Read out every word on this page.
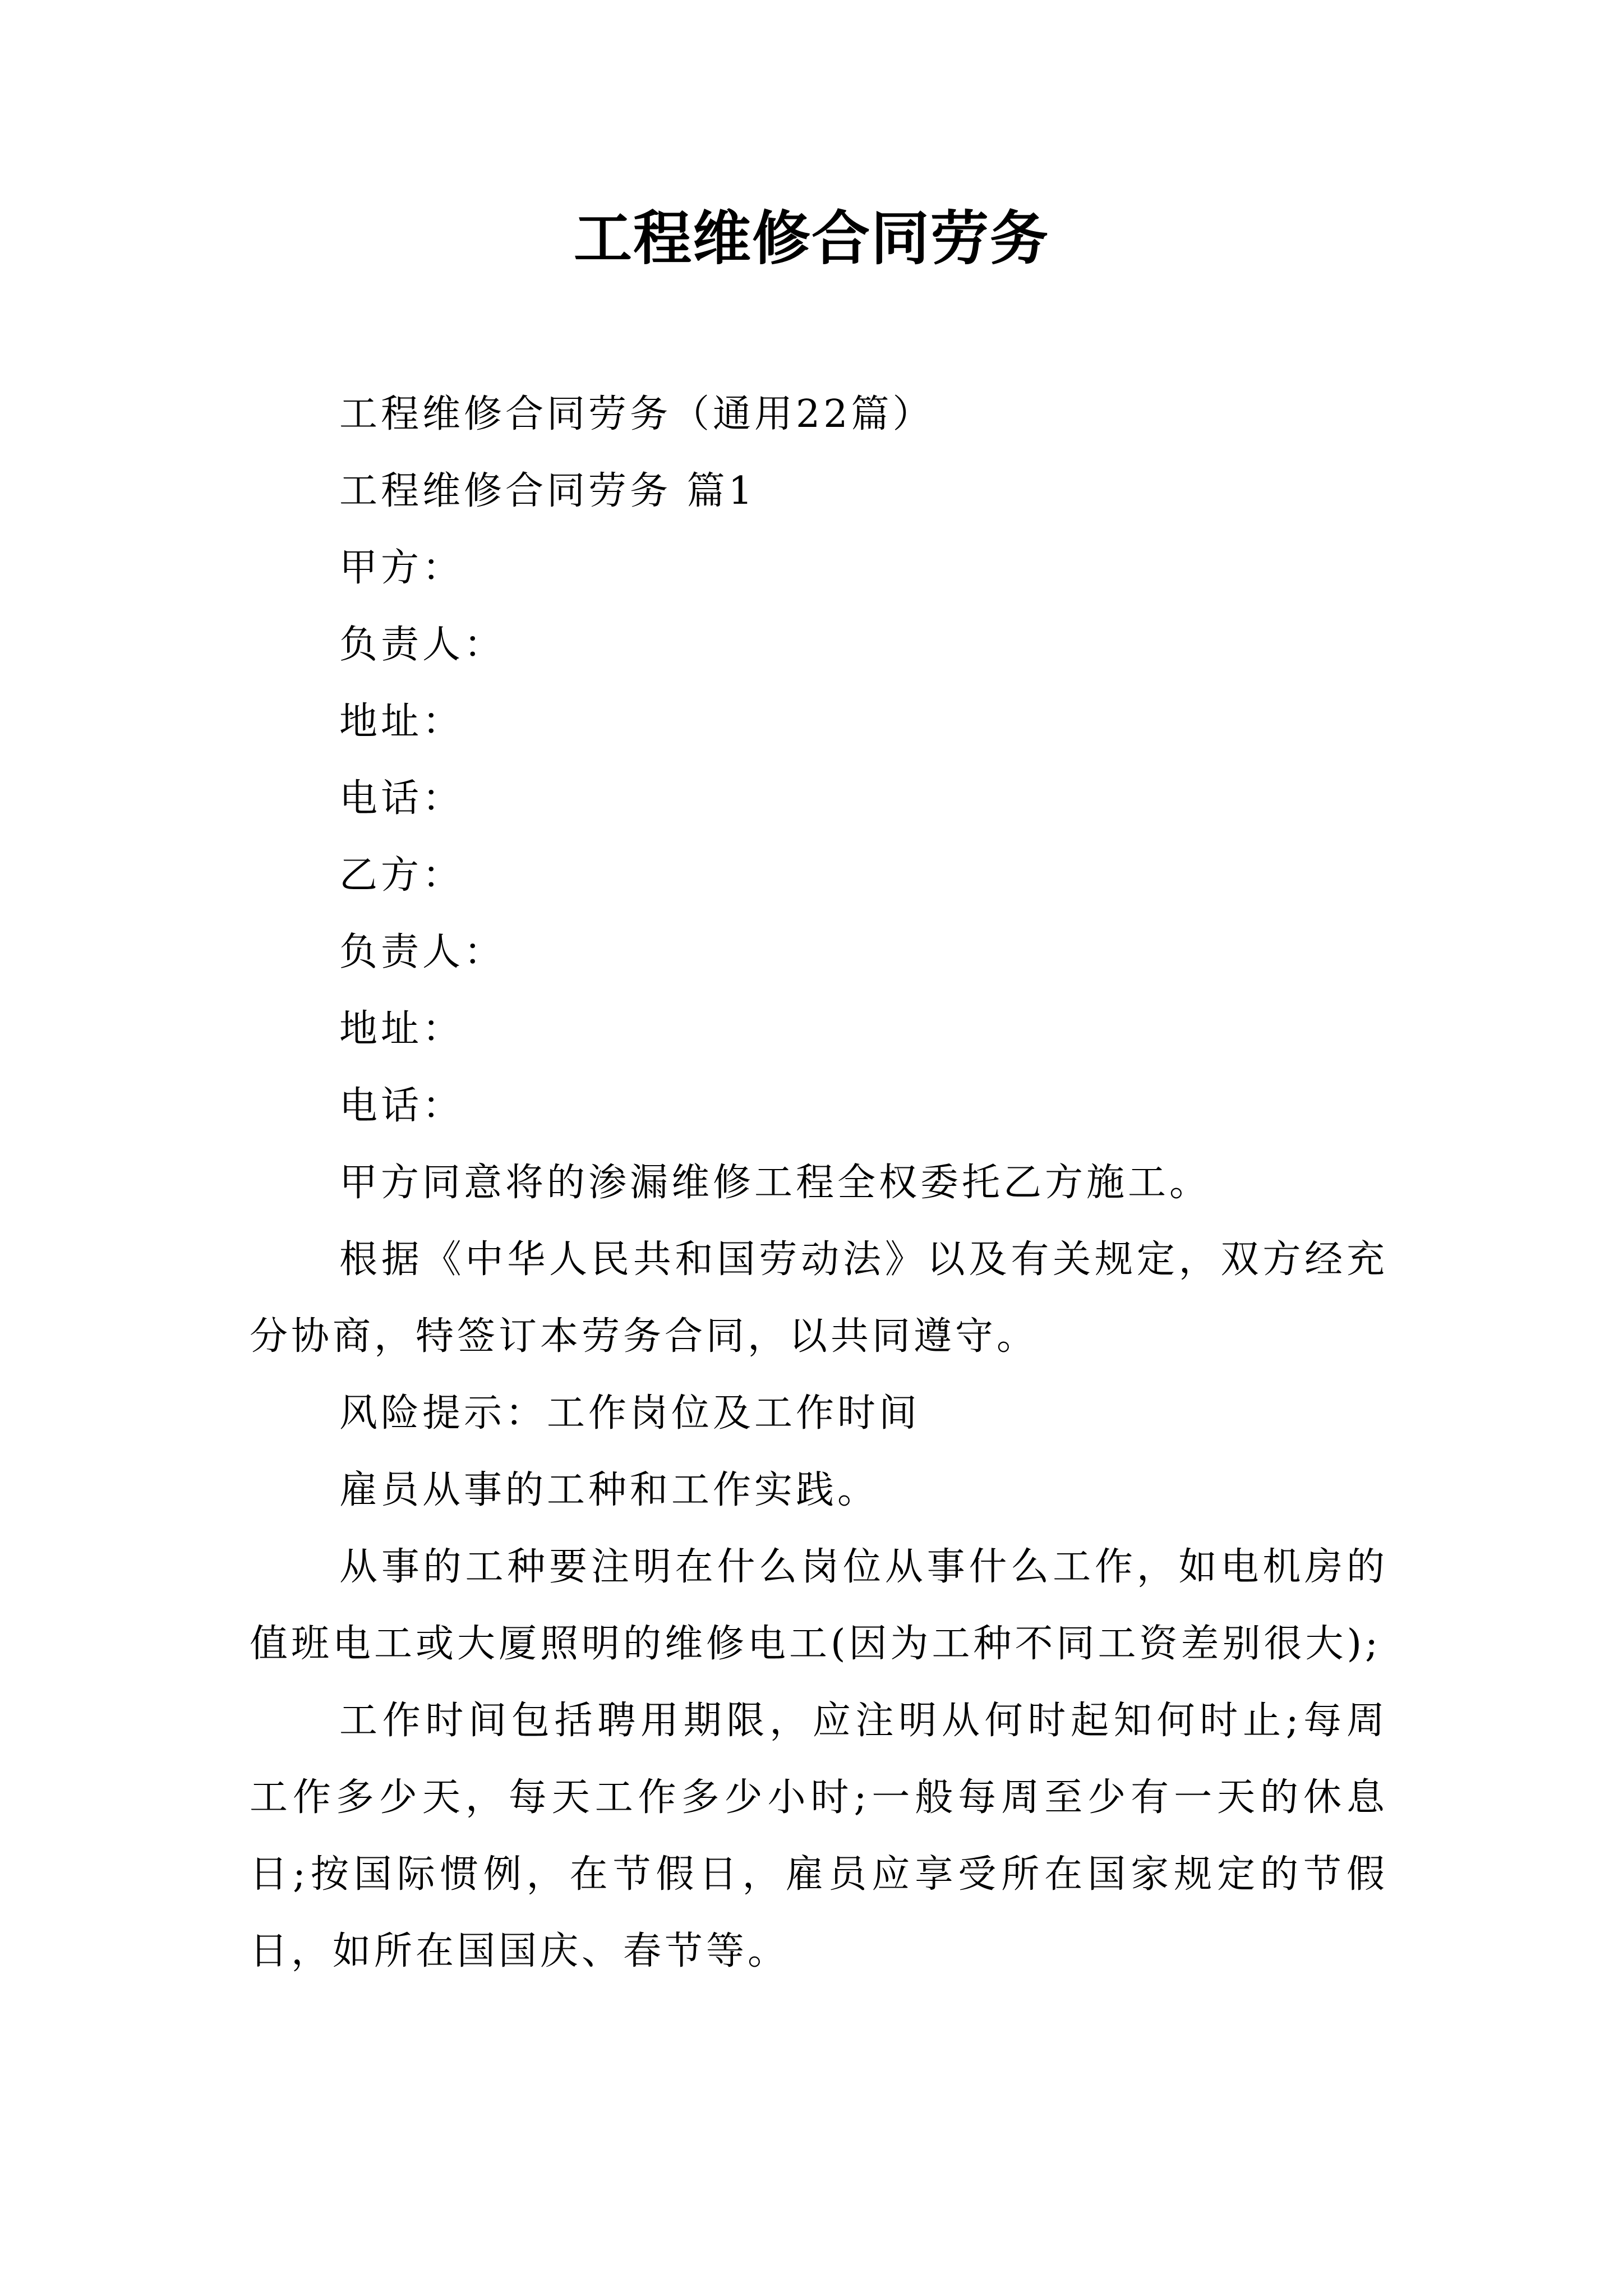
工程维修合同劳务

工程维修合同劳务（通用22篇）

工程维修合同劳务 篇1

甲方：

负责人：

地址：

电话：

乙方：

负责人：

地址：

电话：

甲方同意将的渗漏维修工程全权委托乙方施工。

根据《中华人民共和国劳动法》以及有关规定，双方经充分协商，特签订本劳务合同，以共同遵守。

风险提示：工作岗位及工作时间

雇员从事的工种和工作实践。

从事的工种要注明在什么岗位从事什么工作，如电机房的值班电工或大厦照明的维修电工(因为工种不同工资差别很大);

工作时间包括聘用期限，应注明从何时起知何时止;每周工作多少天，每天工作多少小时;一般每周至少有一天的休息日;按国际惯例，在节假日，雇员应享受所在国家规定的节假日，如所在国国庆、春节等。
